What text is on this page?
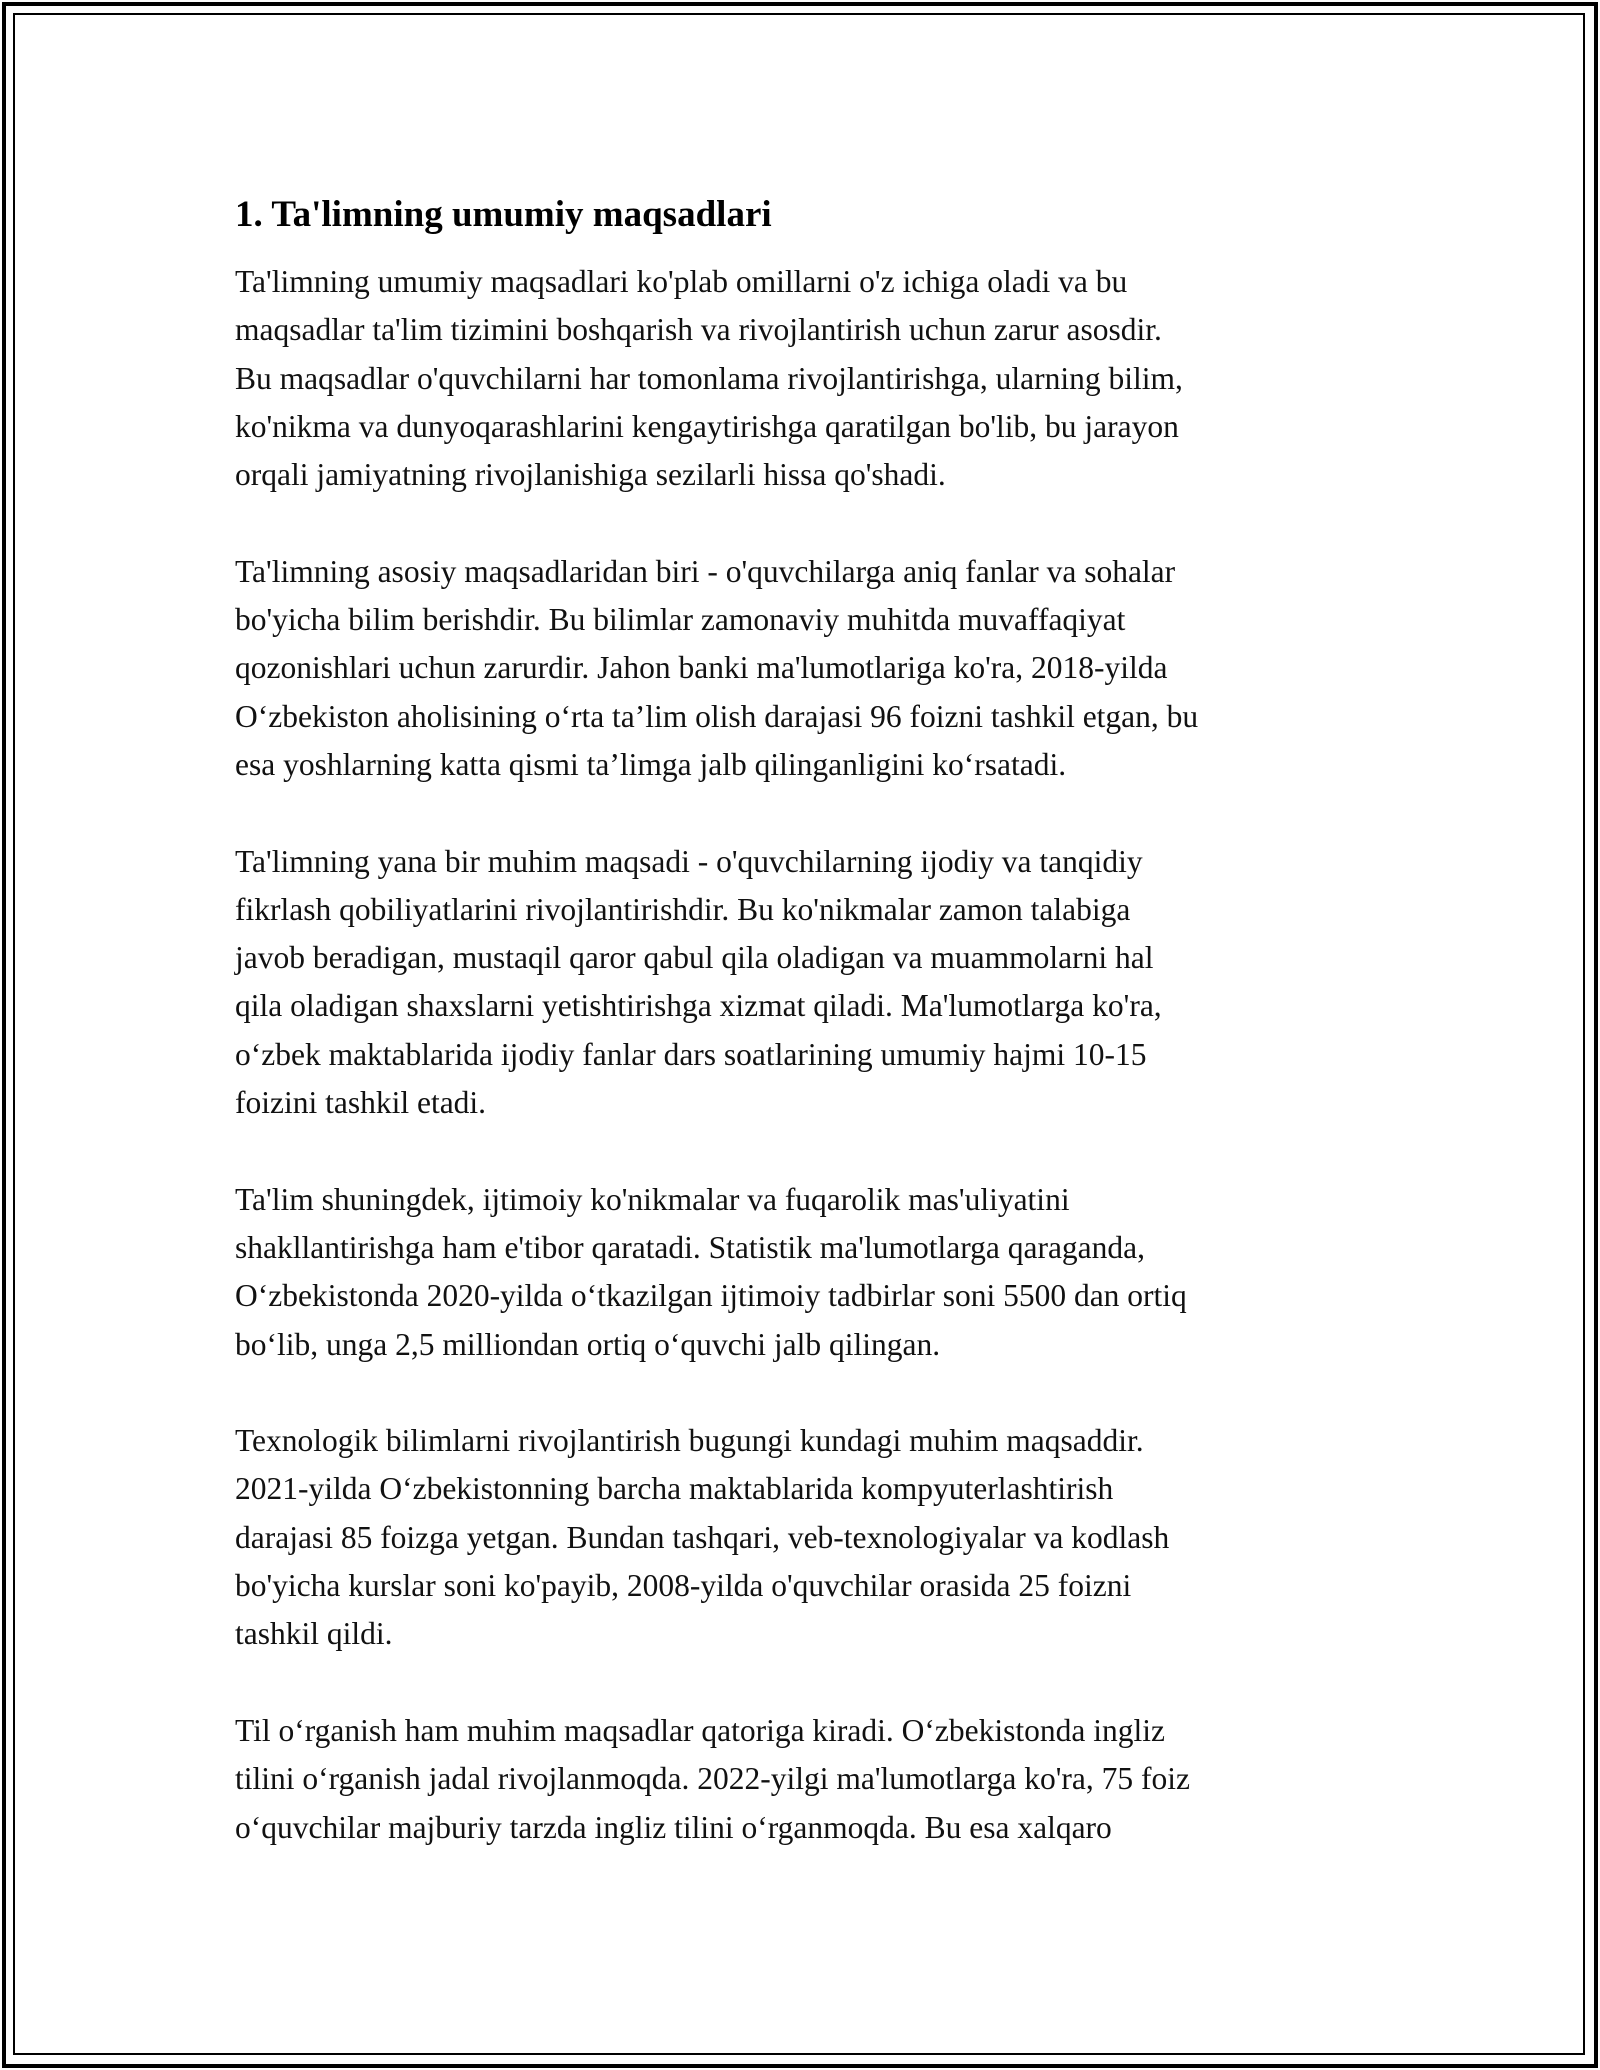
1. Ta'limning umumiy maqsadlari

Ta'limning umumiy maqsadlari ko'plab omillarni o'z ichiga oladi va bu
maqsadlar ta'lim tizimini boshqarish va rivojlantirish uchun zarur asosdir.
Bu maqsadlar o'quvchilarni har tomonlama rivojlantirishga, ularning bilim,
ko'nikma va dunyoqarashlarini kengaytirishga qaratilgan bo'lib, bu jarayon
orqali jamiyatning rivojlanishiga sezilarli hissa qo'shadi.

Ta'limning asosiy maqsadlaridan biri - o'quvchilarga aniq fanlar va sohalar
bo'yicha bilim berishdir. Bu bilimlar zamonaviy muhitda muvaffaqiyat
qozonishlari uchun zarurdir. Jahon banki ma'lumotlariga ko'ra, 2018-yilda
O‘zbekiston aholisining o‘rta ta’lim olish darajasi 96 foizni tashkil etgan, bu
esa yoshlarning katta qismi ta’limga jalb qilinganligini ko‘rsatadi.

Ta'limning yana bir muhim maqsadi - o'quvchilarning ijodiy va tanqidiy
fikrlash qobiliyatlarini rivojlantirishdir. Bu ko'nikmalar zamon talabiga
javob beradigan, mustaqil qaror qabul qila oladigan va muammolarni hal
qila oladigan shaxslarni yetishtirishga xizmat qiladi. Ma'lumotlarga ko'ra,
o‘zbek maktablarida ijodiy fanlar dars soatlarining umumiy hajmi 10-15
foizini tashkil etadi.

Ta'lim shuningdek, ijtimoiy ko'nikmalar va fuqarolik mas'uliyatini
shakllantirishga ham e'tibor qaratadi. Statistik ma'lumotlarga qaraganda,
O‘zbekistonda 2020-yilda o‘tkazilgan ijtimoiy tadbirlar soni 5500 dan ortiq
bo‘lib, unga 2,5 milliondan ortiq o‘quvchi jalb qilingan.

Texnologik bilimlarni rivojlantirish bugungi kundagi muhim maqsaddir.
2021-yilda O‘zbekistonning barcha maktablarida kompyuterlashtirish
darajasi 85 foizga yetgan. Bundan tashqari, veb-texnologiyalar va kodlash
bo'yicha kurslar soni ko'payib, 2008-yilda o'quvchilar orasida 25 foizni
tashkil qildi.

Til o‘rganish ham muhim maqsadlar qatoriga kiradi. O‘zbekistonda ingliz
tilini o‘rganish jadal rivojlanmoqda. 2022-yilgi ma'lumotlarga ko'ra, 75 foiz
o‘quvchilar majburiy tarzda ingliz tilini o‘rganmoqda. Bu esa xalqaro
